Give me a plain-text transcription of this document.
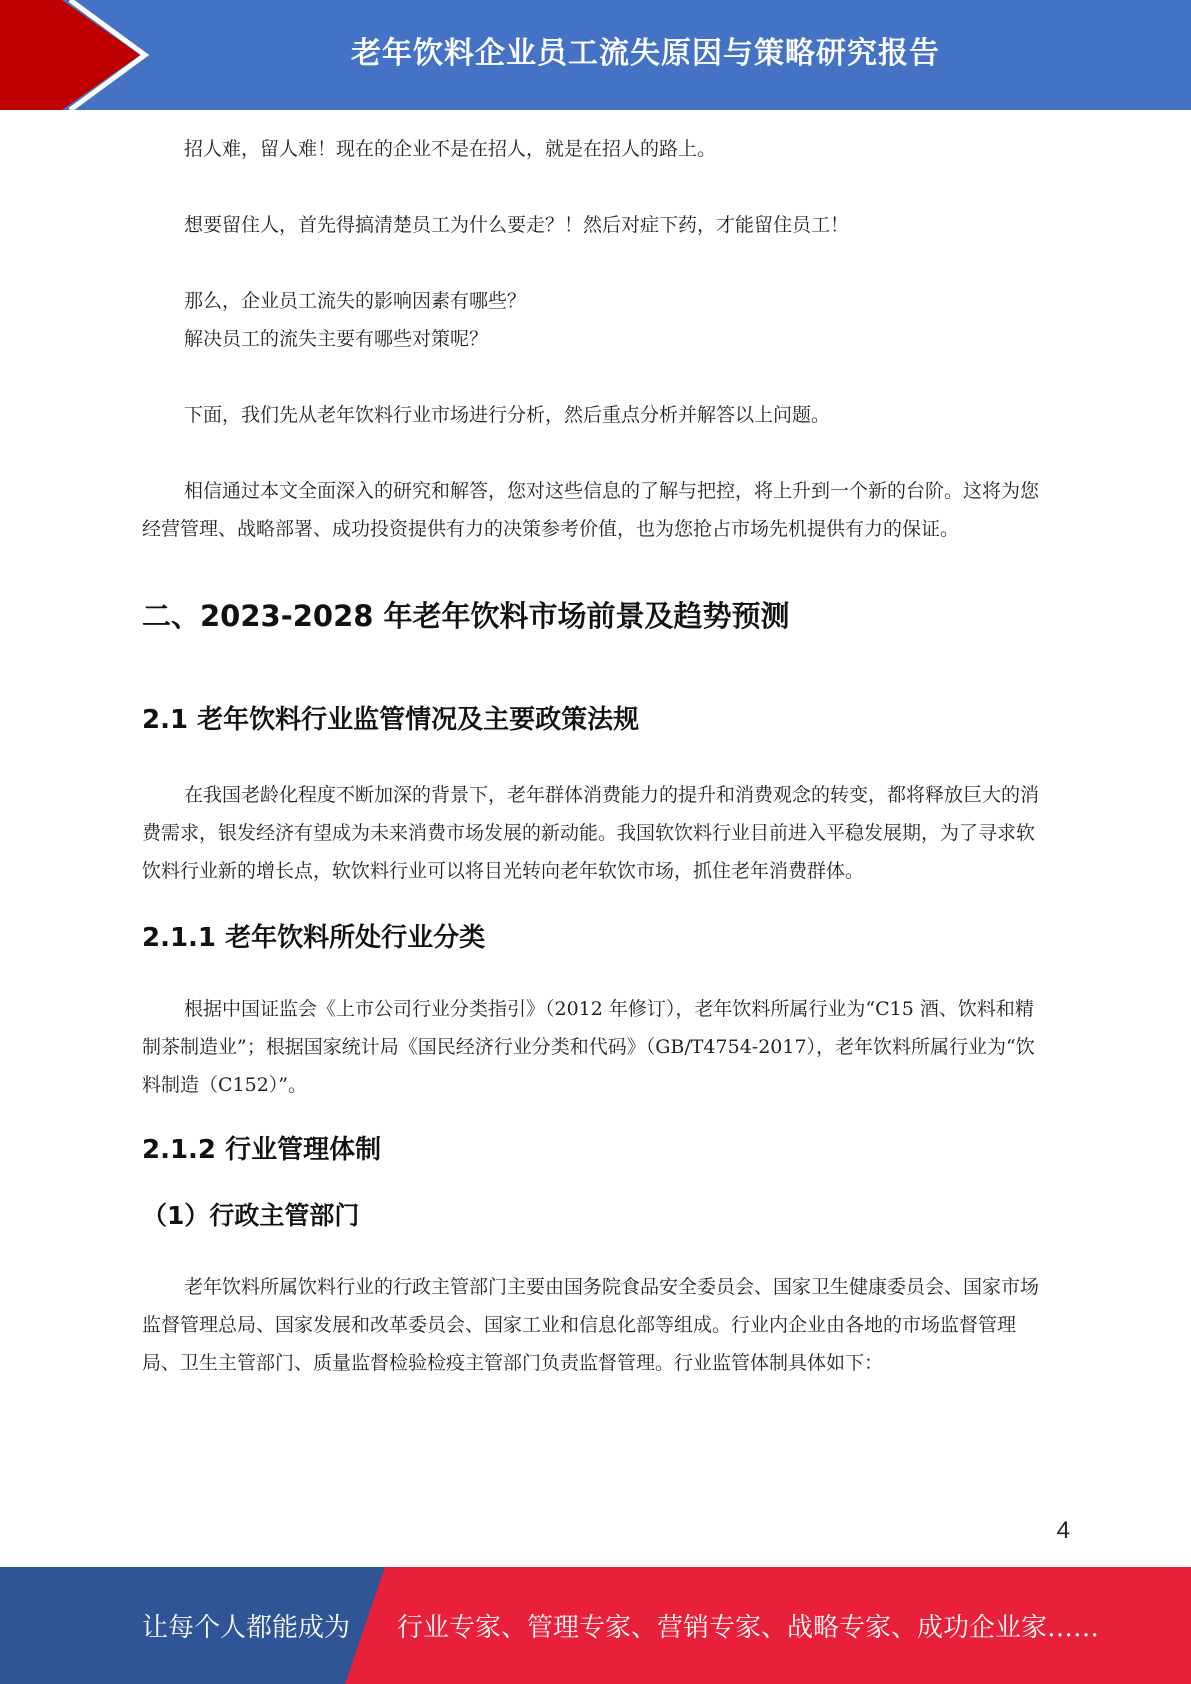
老年饮料企业员工流失原因与策略研究报告

招人难，留人难！现在的企业不是在招人，就是在招人的路上。

想要留住人，首先得搞清楚员工为什么要走？！然后对症下药，才能留住员工！

那么，企业员工流失的影响因素有哪些？

解决员工的流失主要有哪些对策呢？

下面，我们先从老年饮料行业市场进行分析，然后重点分析并解答以上问题。

相信通过本文全面深入的研究和解答，您对这些信息的了解与把控，将上升到一个新的台阶。这将为您经营管理、战略部署、成功投资提供有力的决策参考价值，也为您抢占市场先机提供有力的保证。

二、2023-2028 年老年饮料市场前景及趋势预测
2.1 老年饮料行业监管情况及主要政策法规

在我国老龄化程度不断加深的背景下，老年群体消费能力的提升和消费观念的转变，都将释放巨大的消费需求，银发经济有望成为未来消费市场发展的新动能。我国软饮料行业目前进入平稳发展期，为了寻求软饮料行业新的增长点，软饮料行业可以将目光转向老年软饮市场，抓住老年消费群体。

2.1.1 老年饮料所处行业分类

根据中国证监会《上市公司行业分类指引》（2012 年修订），老年饮料所属行业为“C15 酒、饮料和精制茶制造业”；根据国家统计局《国民经济行业分类和代码》（GB/T4754-2017），老年饮料所属行业为“饮料制造（C152）”。

2.1.2 行业管理体制
（1）行政主管部门

老年饮料所属饮料行业的行政主管部门主要由国务院食品安全委员会、国家卫生健康委员会、国家市场监督管理总局、国家发展和改革委员会、国家工业和信息化部等组成。行业内企业由各地的市场监督管理局、卫生主管部门、质量监督检验检疫主管部门负责监督管理。行业监管体制具体如下：

4
让每个人都能成为 行业专家、管理专家、营销专家、战略专家、成功企业家……
